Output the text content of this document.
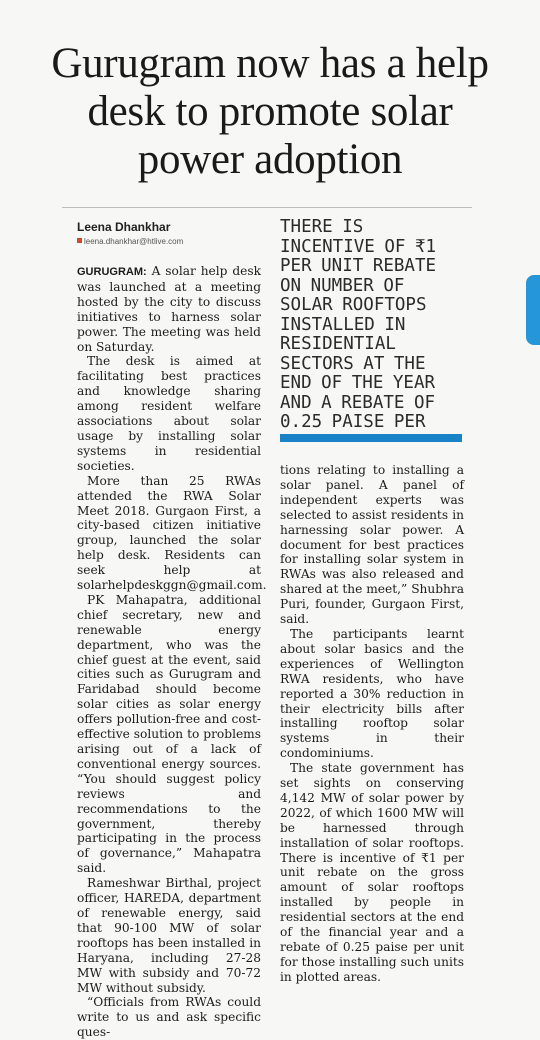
Gurugram now has a help desk to promote solar power adoption
Leena Dhankhar
leena.dhankhar@htlive.com
THERE IS INCENTIVE OF ₹1 PER UNIT REBATE ON NUMBER OF SOLAR ROOFTOPS INSTALLED IN RESIDENTIAL SECTORS AT THE END OF THE YEAR AND A REBATE OF 0.25 PAISE PER

GURUGRAM: A solar help desk was launched at a meeting hosted by the city to discuss initiatives to harness solar power. The meeting was held on Saturday.

The desk is aimed at facilitating best practices and knowledge sharing among resident welfare associations about solar usage by installing solar systems in residential societies.

More than 25 RWAs attended the RWA Solar Meet 2018. Gurgaon First, a city-based citizen initiative group, launched the solar help desk. Residents can seek help at solarhelpdeskggn@gmail.com.

PK Mahapatra, additional chief secretary, new and renewable energy department, who was the chief guest at the event, said cities such as Gurugram and Faridabad should become solar cities as solar energy offers pollution-free and cost-effective solution to problems arising out of a lack of conventional energy sources. “You should suggest policy reviews and recommendations to the government, thereby participating in the process of governance,” Mahapatra said.

Rameshwar Birthal, project officer, HAREDA, department of renewable energy, said that 90-100 MW of solar rooftops has been installed in Haryana, including 27-28 MW with subsidy and 70-72 MW without subsidy.

“Officials from RWAs could write to us and ask specific ques-

tions relating to installing a solar panel. A panel of independent experts was selected to assist residents in harnessing solar power. A document for best practices for installing solar system in RWAs was also released and shared at the meet,” Shubhra Puri, founder, Gurgaon First, said.

The participants learnt about solar basics and the experiences of Wellington RWA residents, who have reported a 30% reduction in their electricity bills after installing rooftop solar systems in their condominiums.

The state government has set sights on conserving 4,142 MW of solar power by 2022, of which 1600 MW will be harnessed through installation of solar rooftops. There is incentive of ₹1 per unit rebate on the gross amount of solar rooftops installed by people in residential sectors at the end of the financial year and a rebate of 0.25 paise per unit for those installing such units in plotted areas.
